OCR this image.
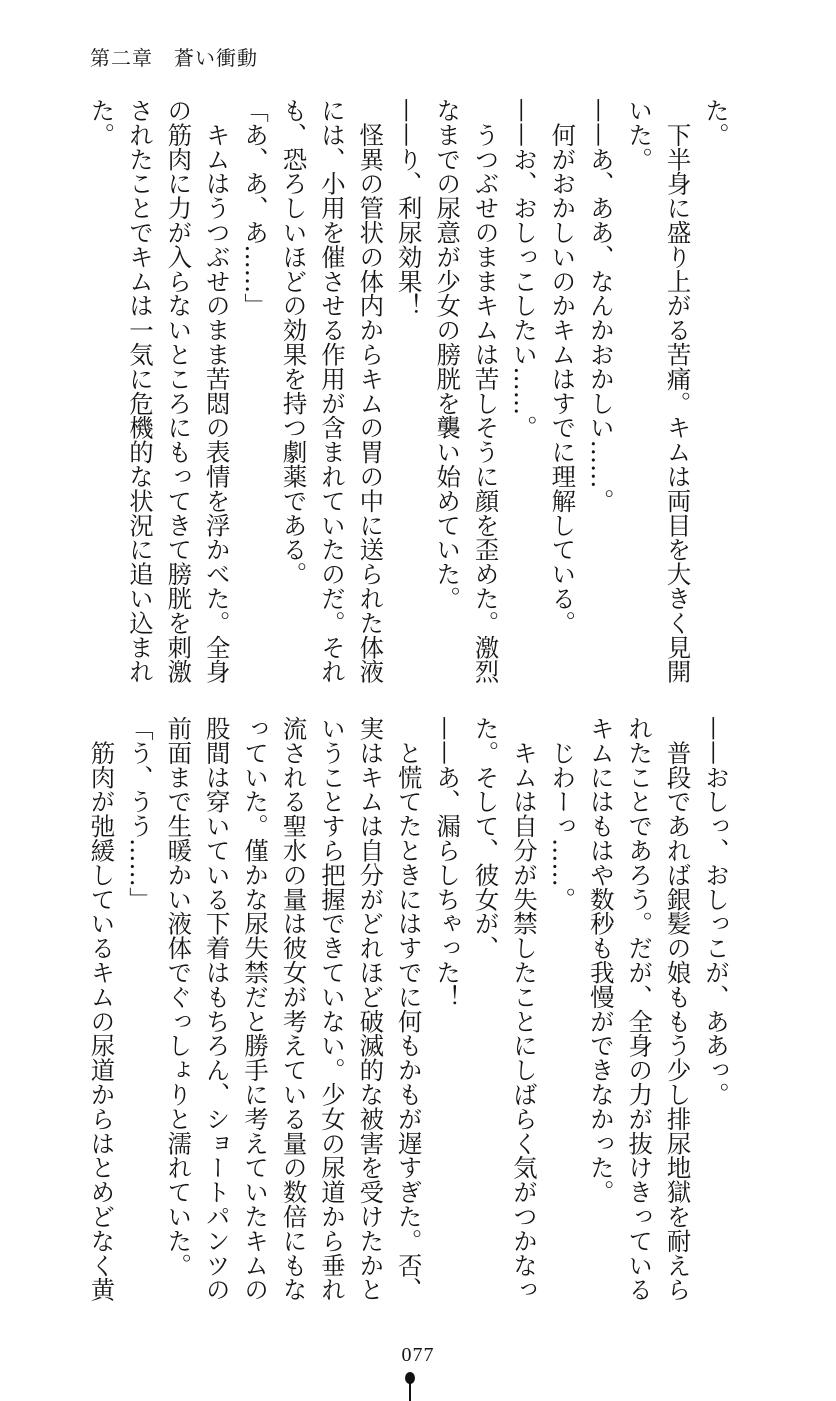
第二章　蒼い衝動
た。
　下半身に盛り上がる苦痛。キムは両目を大きく見開
いた。
——あ、ああ、なんかおかしい……。
　何がおかしいのかキムはすでに理解している。
——お、おしっこしたい……。
　うつぶせのままキムは苦しそうに顔を歪めた。激烈
なまでの尿意が少女の膀胱を襲い始めていた。
——り、利尿効果！
　怪異の管状の体内からキムの胃の中に送られた体液
には、小用を催させる作用が含まれていたのだ。それ
も、恐ろしいほどの効果を持つ劇薬である。
「あ、あ、あ……」
　キムはうつぶせのまま苦悶の表情を浮かべた。全身
の筋肉に力が入らないところにもってきて膀胱を刺激
されたことでキムは一気に危機的な状況に追い込まれ
た。
——おしっ、おしっこが、ああっ。
　普段であれば銀髪の娘ももう少し排尿地獄を耐えら
れたことであろう。だが、全身の力が抜けきっている
キムにはもはや数秒も我慢ができなかった。
　じわーっ……。
　キムは自分が失禁したことにしばらく気がつかなっ
た。そして、彼女が、
——あ、漏らしちゃった！
　と慌てたときにはすでに何もかもが遅すぎた。否、
実はキムは自分がどれほど破滅的な被害を受けたかと
いうことすら把握できていない。少女の尿道から垂れ
流される聖水の量は彼女が考えている量の数倍にもな
っていた。僅かな尿失禁だと勝手に考えていたキムの
股間は穿いている下着はもちろん、ショートパンツの
前面まで生暖かい液体でぐっしょりと濡れていた。
「う、うう……」
　筋肉が弛緩しているキムの尿道からはとめどなく黄
077
